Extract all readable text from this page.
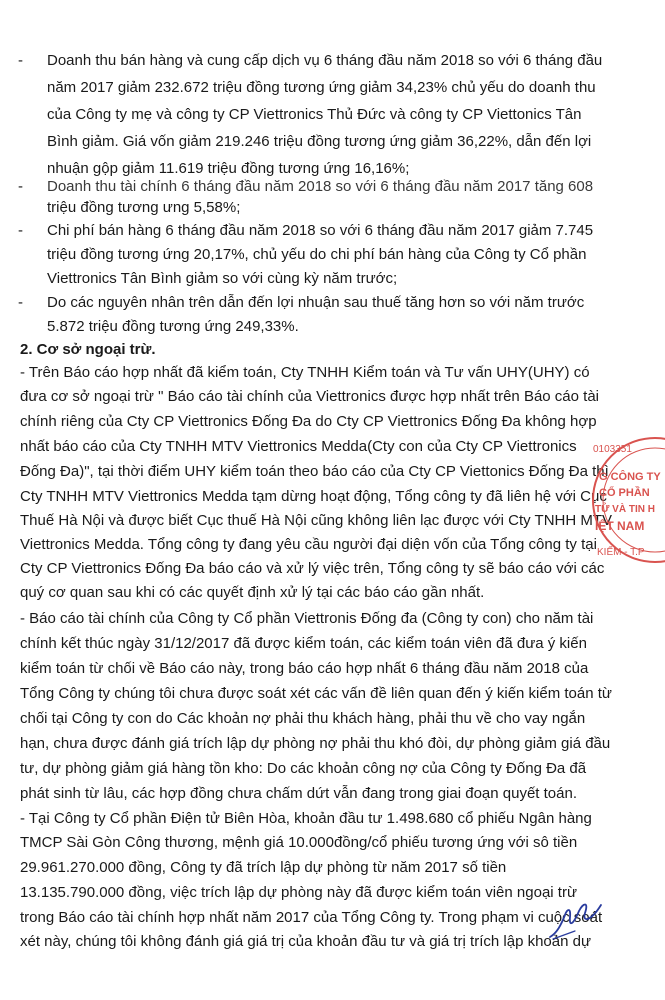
- Doanh thu bán hàng và cung cấp dịch vụ 6 tháng đầu năm 2018 so với 6 tháng đầu
năm 2017 giảm 232.672 triệu đồng tương ứng giảm 34,23% chủ yếu do doanh thu
của Công ty mẹ và công ty CP Viettronics Thủ Đức và công ty CP Viettonics Tân
Bình giảm. Giá vốn giảm 219.246 triệu đồng tương ứng giảm 36,22%, dẫn đến lợi
nhuận gộp giảm 11.619 triệu đồng tương ứng 16,16%;
- Doanh thu tài chính 6 tháng đầu năm 2018 so với 6 tháng đầu năm 2017 tăng 608
triệu đồng tương ưng 5,58%;
- Chi phí bán hàng 6 tháng đầu năm 2018 so với 6 tháng đầu năm 2017 giảm 7.745
triệu đồng tương ứng 20,17%, chủ yếu do chi phí bán hàng của Công ty Cổ phần
Viettronics Tân Bình giảm so với cùng kỳ năm trước;
- Do các nguyên nhân trên dẫn đến lợi nhuận sau thuế tăng hơn so với năm trước
5.872 triệu đồng tương ứng 249,33%.
2. Cơ sở ngoại trừ.
- Trên Báo cáo hợp nhất đã kiểm toán, Cty TNHH Kiểm toán và Tư vấn UHY(UHY) có
đưa cơ sở ngoại trừ " Báo cáo tài chính của Viettronics được hợp nhất trên Báo cáo tài
chính riêng của Cty CP Viettronics Đống Đa do Cty CP Viettronics Đống Đa không hợp
nhất báo cáo của Cty TNHH MTV Viettronics Medda(Cty con của Cty CP Viettronics
Đống Đa)", tại thời điểm UHY kiểm toán theo báo cáo của Cty CP Viettonics Đống Đa thì
Cty TNHH MTV Viettronics Medda tạm dừng hoạt động, Tổng công ty đã liên hệ với Cục
Thuế Hà Nội và được biết Cục thuế Hà Nội cũng không liên lạc được với Cty TNHH MTV
Viettronics Medda. Tổng công ty đang yêu cầu người đại diện vốn của Tổng công ty tại
Cty CP Viettronics Đống Đa báo cáo và xử lý việc trên, Tổng công ty sẽ báo cáo với các
quý cơ quan sau khi có các quyết định xử lý tại các báo cáo gần nhất.
- Báo cáo tài chính của Công ty Cổ phần Viettronis Đống đa (Công ty con) cho năm tài
chính kết thúc ngày 31/12/2017 đã được kiểm toán, các kiểm toán viên đã đưa ý kiến
kiểm toán từ chối về Báo cáo này, trong báo cáo hợp nhất 6 tháng đầu năm 2018 của
Tổng Công ty chúng tôi chưa được soát xét các vấn đề liên quan đến ý kiến kiểm toán từ
chối tại Công ty con do Các khoản nợ phải thu khách hàng, phải thu về cho vay ngắn
hạn, chưa được đánh giá trích lập dự phòng nợ phải thu khó đòi, dự phòng giảm giá đầu
tư, dự phòng giảm giá hàng tồn kho: Do các khoản công nợ của Công ty Đống Đa đã
phát sinh từ lâu, các hợp đồng chưa chấm dứt vẫn đang trong giai đoạn quyết toán.
- Tại Công ty Cổ phần Điện tử Biên Hòa, khoản đầu tư 1.498.680 cổ phiếu Ngân hàng
TMCP Sài Gòn Công thương, mệnh giá 10.000đồng/cổ phiếu tương ứng với sô tiền
29.961.270.000 đồng, Công ty đã trích lập dự phòng từ năm 2017 số tiền
13.135.790.000 đồng, việc trích lập dự phòng này đã được kiểm toán viên ngoại trừ
trong Báo cáo tài chính hợp nhất năm 2017 của Tổng Công ty. Trong phạm vi cuộc soát
xét này, chúng tôi không đánh giá giá trị của khoản đầu tư và giá trị trích lập khoản dự
0103351
G CÔNG TY
CỔ PHẦN
TỬ VÀ TIN H
IỆT NAM
KIẾM - T.P
